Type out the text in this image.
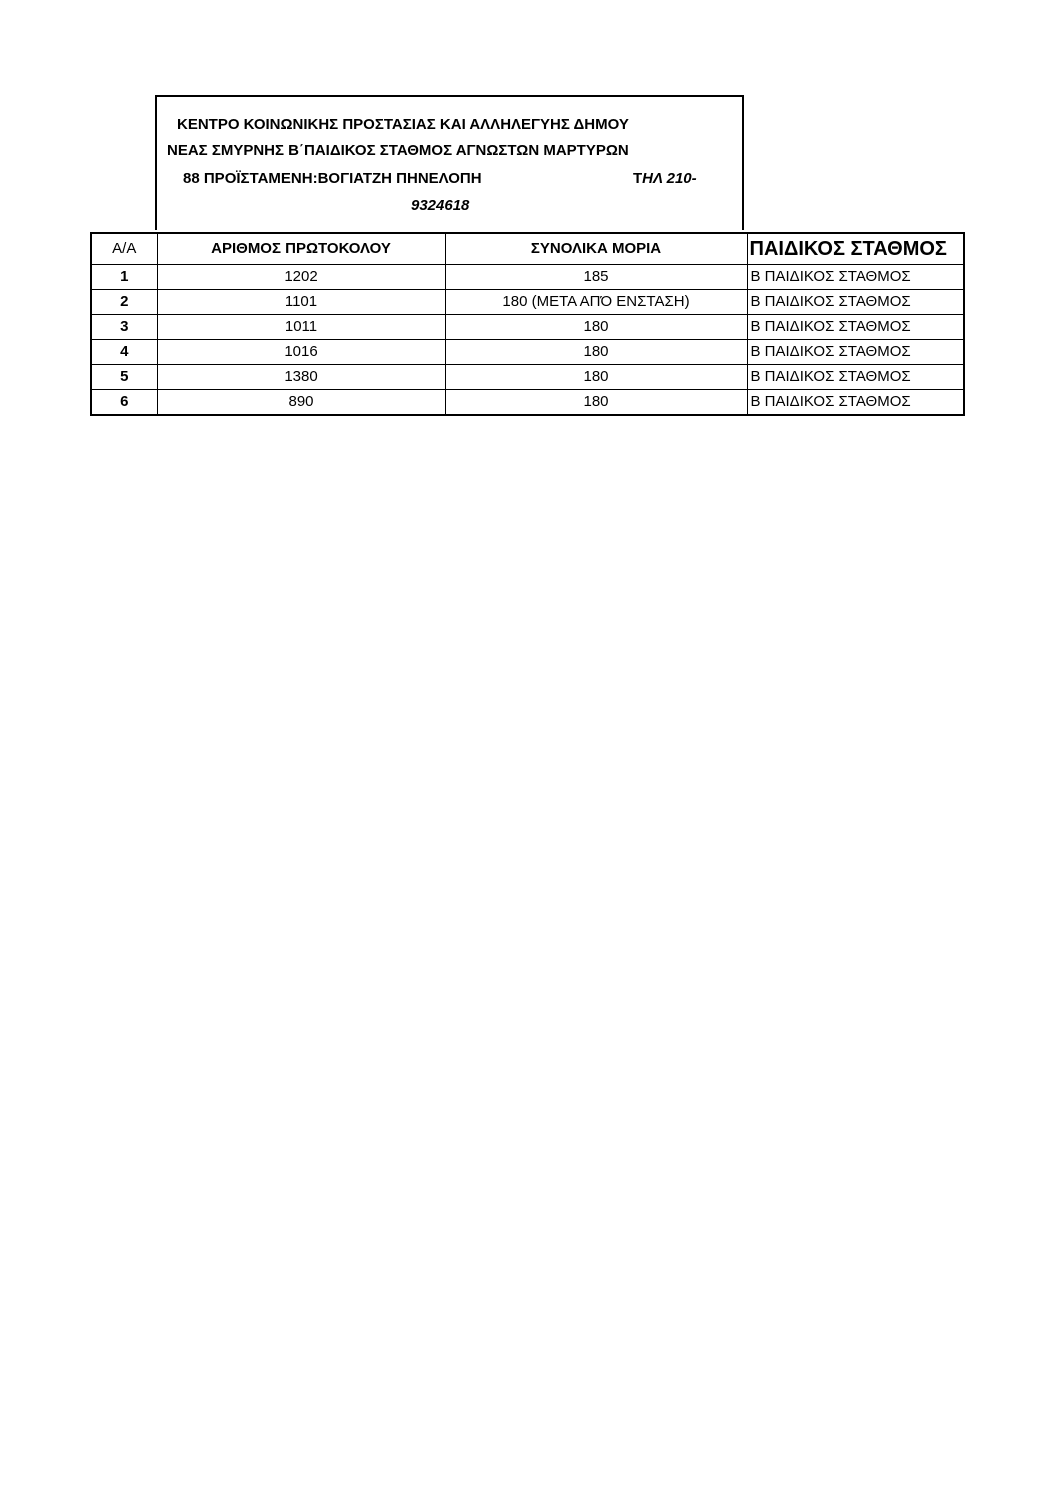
ΚΕΝΤΡΟ ΚΟΙΝΩΝΙΚΗΣ ΠΡΟΣΤΑΣΙΑΣ ΚΑΙ ΑΛΛΗΛΕΓΥΗΣ ΔΗΜΟΥ
ΝΕΑΣ ΣΜΥΡΝΗΣ Β΄ΠΑΙΔΙΚΟΣ ΣΤΑΘΜΟΣ ΑΓΝΩΣΤΩΝ ΜΑΡΤΥΡΩΝ
88 ΠΡΟΪΣΤΑΜΕΝΗ:ΒΟΓΙΑΤΖΗ ΠΗΝΕΛΟΠΗ	ΤΗΛ 210-
9324618
Α/Α	ΑΡΙΘΜΟΣ ΠΡΩΤΟΚΟΛΟΥ	ΣΥΝΟΛΙΚΑ ΜΟΡΙΑ	ΠΑΙΔΙΚΟΣ ΣΤΑΘΜΟΣ
1	1202	185	Β ΠΑΙΔΙΚΟΣ ΣΤΑΘΜΟΣ
2	1101	180 (ΜΕΤΑ ΑΠΌ ΕΝΣΤΑΣΗ)	Β ΠΑΙΔΙΚΟΣ ΣΤΑΘΜΟΣ
3	1011	180	Β ΠΑΙΔΙΚΟΣ ΣΤΑΘΜΟΣ
4	1016	180	Β ΠΑΙΔΙΚΟΣ ΣΤΑΘΜΟΣ
5	1380	180	Β ΠΑΙΔΙΚΟΣ ΣΤΑΘΜΟΣ
6	890	180	Β ΠΑΙΔΙΚΟΣ ΣΤΑΘΜΟΣ
